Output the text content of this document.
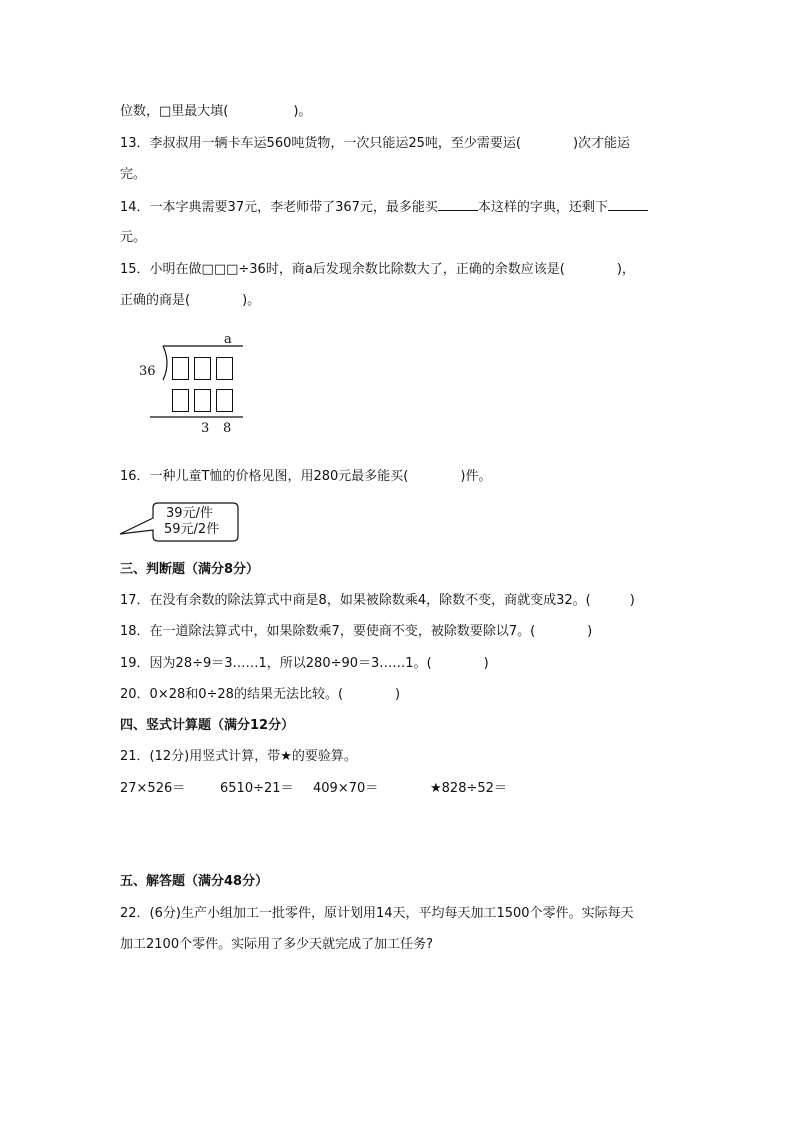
位数，□里最大填(　　　　　)。
13．李叔叔用一辆卡车运560吨货物，一次只能运25吨，至少需要运(　　　　)次才能运
完。
14．一本字典需要37元，李老师带了367元，最多能买	本这样的字典，还剩下
元。
15．小明在做□□□÷36时，商a后发现余数比除数大了，正确的余数应该是(　　　　)，
正确的商是(　　　　)。
a
36
3 8
16．一种儿童T恤的价格见图，用280元最多能买(　　　　)件。
39元/件
59元/2件
三、判断题（满分8分）
17．在没有余数的除法算式中商是8，如果被除数乘4，除数不变，商就变成32。(　　　)
18．在一道除法算式中，如果除数乘7，要使商不变，被除数要除以7。(　　　　)
19．因为28÷9＝3……1，所以280÷90＝3……1。(　　　　)
20．0×28和0÷28的结果无法比较。(　　　　)
四、竖式计算题（满分12分）
21．(12分)用竖式计算，带★的要验算。
27×526＝	6510÷21＝ 409×70＝	★828÷52＝
五、解答题（满分48分）
22．(6分)生产小组加工一批零件，原计划用14天，平均每天加工1500个零件。实际每天
加工2100个零件。实际用了多少天就完成了加工任务?
